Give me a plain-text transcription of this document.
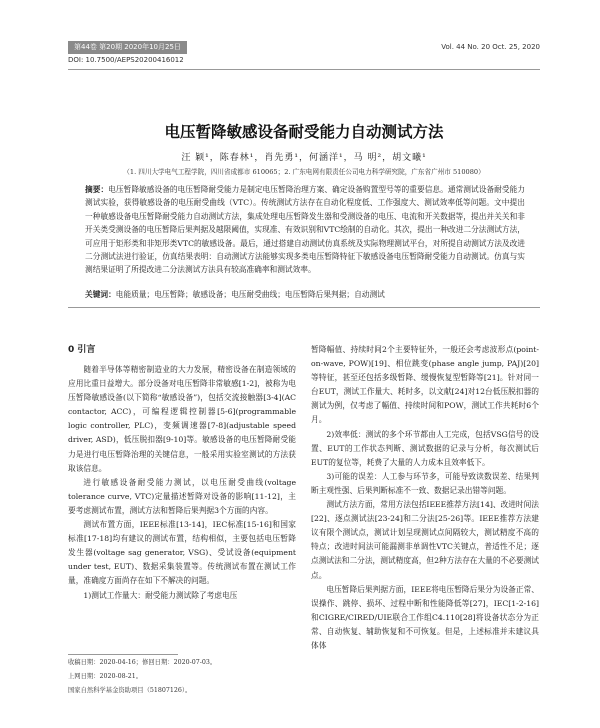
第44卷 第20期 2020年10月25日	Vol. 44 No. 20 Oct. 25, 2020
DOI: 10.7500/AEPS20200416012
电压暂降敏感设备耐受能力自动测试方法
汪 颖¹，陈春林¹，肖先勇¹，何涵洋¹，马 明²，胡文曦¹
（1. 四川大学电气工程学院，四川省成都市 610065；2. 广东电网有限责任公司电力科学研究院，广东省广州市 510080）

摘要：电压暂降敏感设备的电压暂降耐受能力是制定电压暂降治理方案、确定设备购置型号等的重要信息。通常测试设备耐受能力测试实验，获得敏感设备的电压耐受曲线（VTC）。传统测试方法存在自动化程度低、工作强度大、测试效率低等问题。文中提出一种敏感设备电压暂降耐受能力自动测试方法，集成处理电压暂降发生器和受测设备的电压、电流和开关数据等，提出并关关和非开关类受测设备的电压暂降后果判据及越限阈值，实现准、有效识别和VTC绘制的自动化。其次，提出一种改进二分法测试方法，可应用于矩形类和非矩形类VTC的敏感设备。最后，通过搭建自动测试仿真系统及实际物理测试平台，对所提自动测试方法及改进二分测试法进行验证，仿真结果表明：自动测试方法能够实现多类电压暂降特征下敏感设备电压暂降耐受能力自动测试。仿真与实测结果证明了所提改进二分法测试方法具有较高准确率和测试效率。

关键词：电能质量；电压暂降；敏感设备；电压耐受曲线；电压暂降后果判据；自动测试

0 引言

随着半导体等精密制造业的大力发展，精密设备在制造领域的应用比重日益增大。部分设备对电压暂降非常敏感[1-2]，被称为电压暂降敏感设备(以下简称“敏感设备”)，包括交流接触器[3-4](AC contactor, ACC)，可编程逻辑控制器[5-6](programmable logic controller, PLC)，变频调速器[7-8](adjustable speed driver, ASD)，低压脱扣器[9-10]等。敏感设备的电压暂降耐受能力是进行电压暂降治理的关键信息，一般采用实验室测试的方法获取该信息。

进行敏感设备耐受能力测试，以电压耐受曲线(voltage tolerance curve, VTC)定量描述暂降对设备的影响[11-12]，主要考虑测试布置，测试方法和暂降后果判据3个方面的内容。

测试布置方面，IEEE标准[13-14]，IEC标准[15-16]和国家标准[17-18]均有建议的测试布置，结构相似，主要包括电压暂降发生器(voltage sag generator, VSG)、受试设备(equipment under test, EUT)、数据采集装置等。传统测试布置在测试工作量，准确度方面尚存在如下不解决的问题。

1)测试工作量大：耐受能力测试除了考虑电压

暂降幅值、持续时间2个主要特征外，一般还会考虑波形点(point-on-wave, POW)[19]、相位跳变(phase angle jump, PAJ)[20]等特征，甚至还包括多级暂降、缓慢恢复型暂降等[21]。针对同一台EUT，测试工作量大、耗时多，以文献[24]对12台低压脱扣器的测试为例，仅考虑了幅值、持续时间和POW，测试工作共耗时6个月。

2)效率低：测试的多个环节都由人工完成，包括VSG信号的设置、EUT的工作状态判断、测试数据的记录与分析，每次测试后EUT的复位等，耗费了大量的人力成本且效率低下。

3)可能的误差：人工参与环节多，可能导致读数误差、结果判断主观性强、后果判断标准不一致、数据记录出错等问题。

测试方法方面，常用方法包括IEEE推荐方法[14]、改进时间法[22]、逐点测试法[23-24]和二分法[25-26]等。IEEE推荐方法建议有限个测试点，测试计划呈现测试点间隔较大，测试精度不高的特点；改进时间法可能漏测非单调性VTC关键点，普适性不足；逐点测试法和二分法，测试精度高，但2种方法存在大量的不必要测试点。

电压暂降后果判据方面，IEEE将电压暂降后果分为设备正常、误操作、跳停、损坏、过程中断和性能降低等[27]，IEC[1-2-16]和CIGRE/CIRED/UIE联合工作组C4.110[28]将设备状态分为正常、自动恢复、辅助恢复和不可恢复。但是，上述标准并未建议具体体

收稿日期：2020-04-16；修回日期：2020-07-03。
上网日期：2020-08-21。
国家自然科学基金资助项目（51807126）。
